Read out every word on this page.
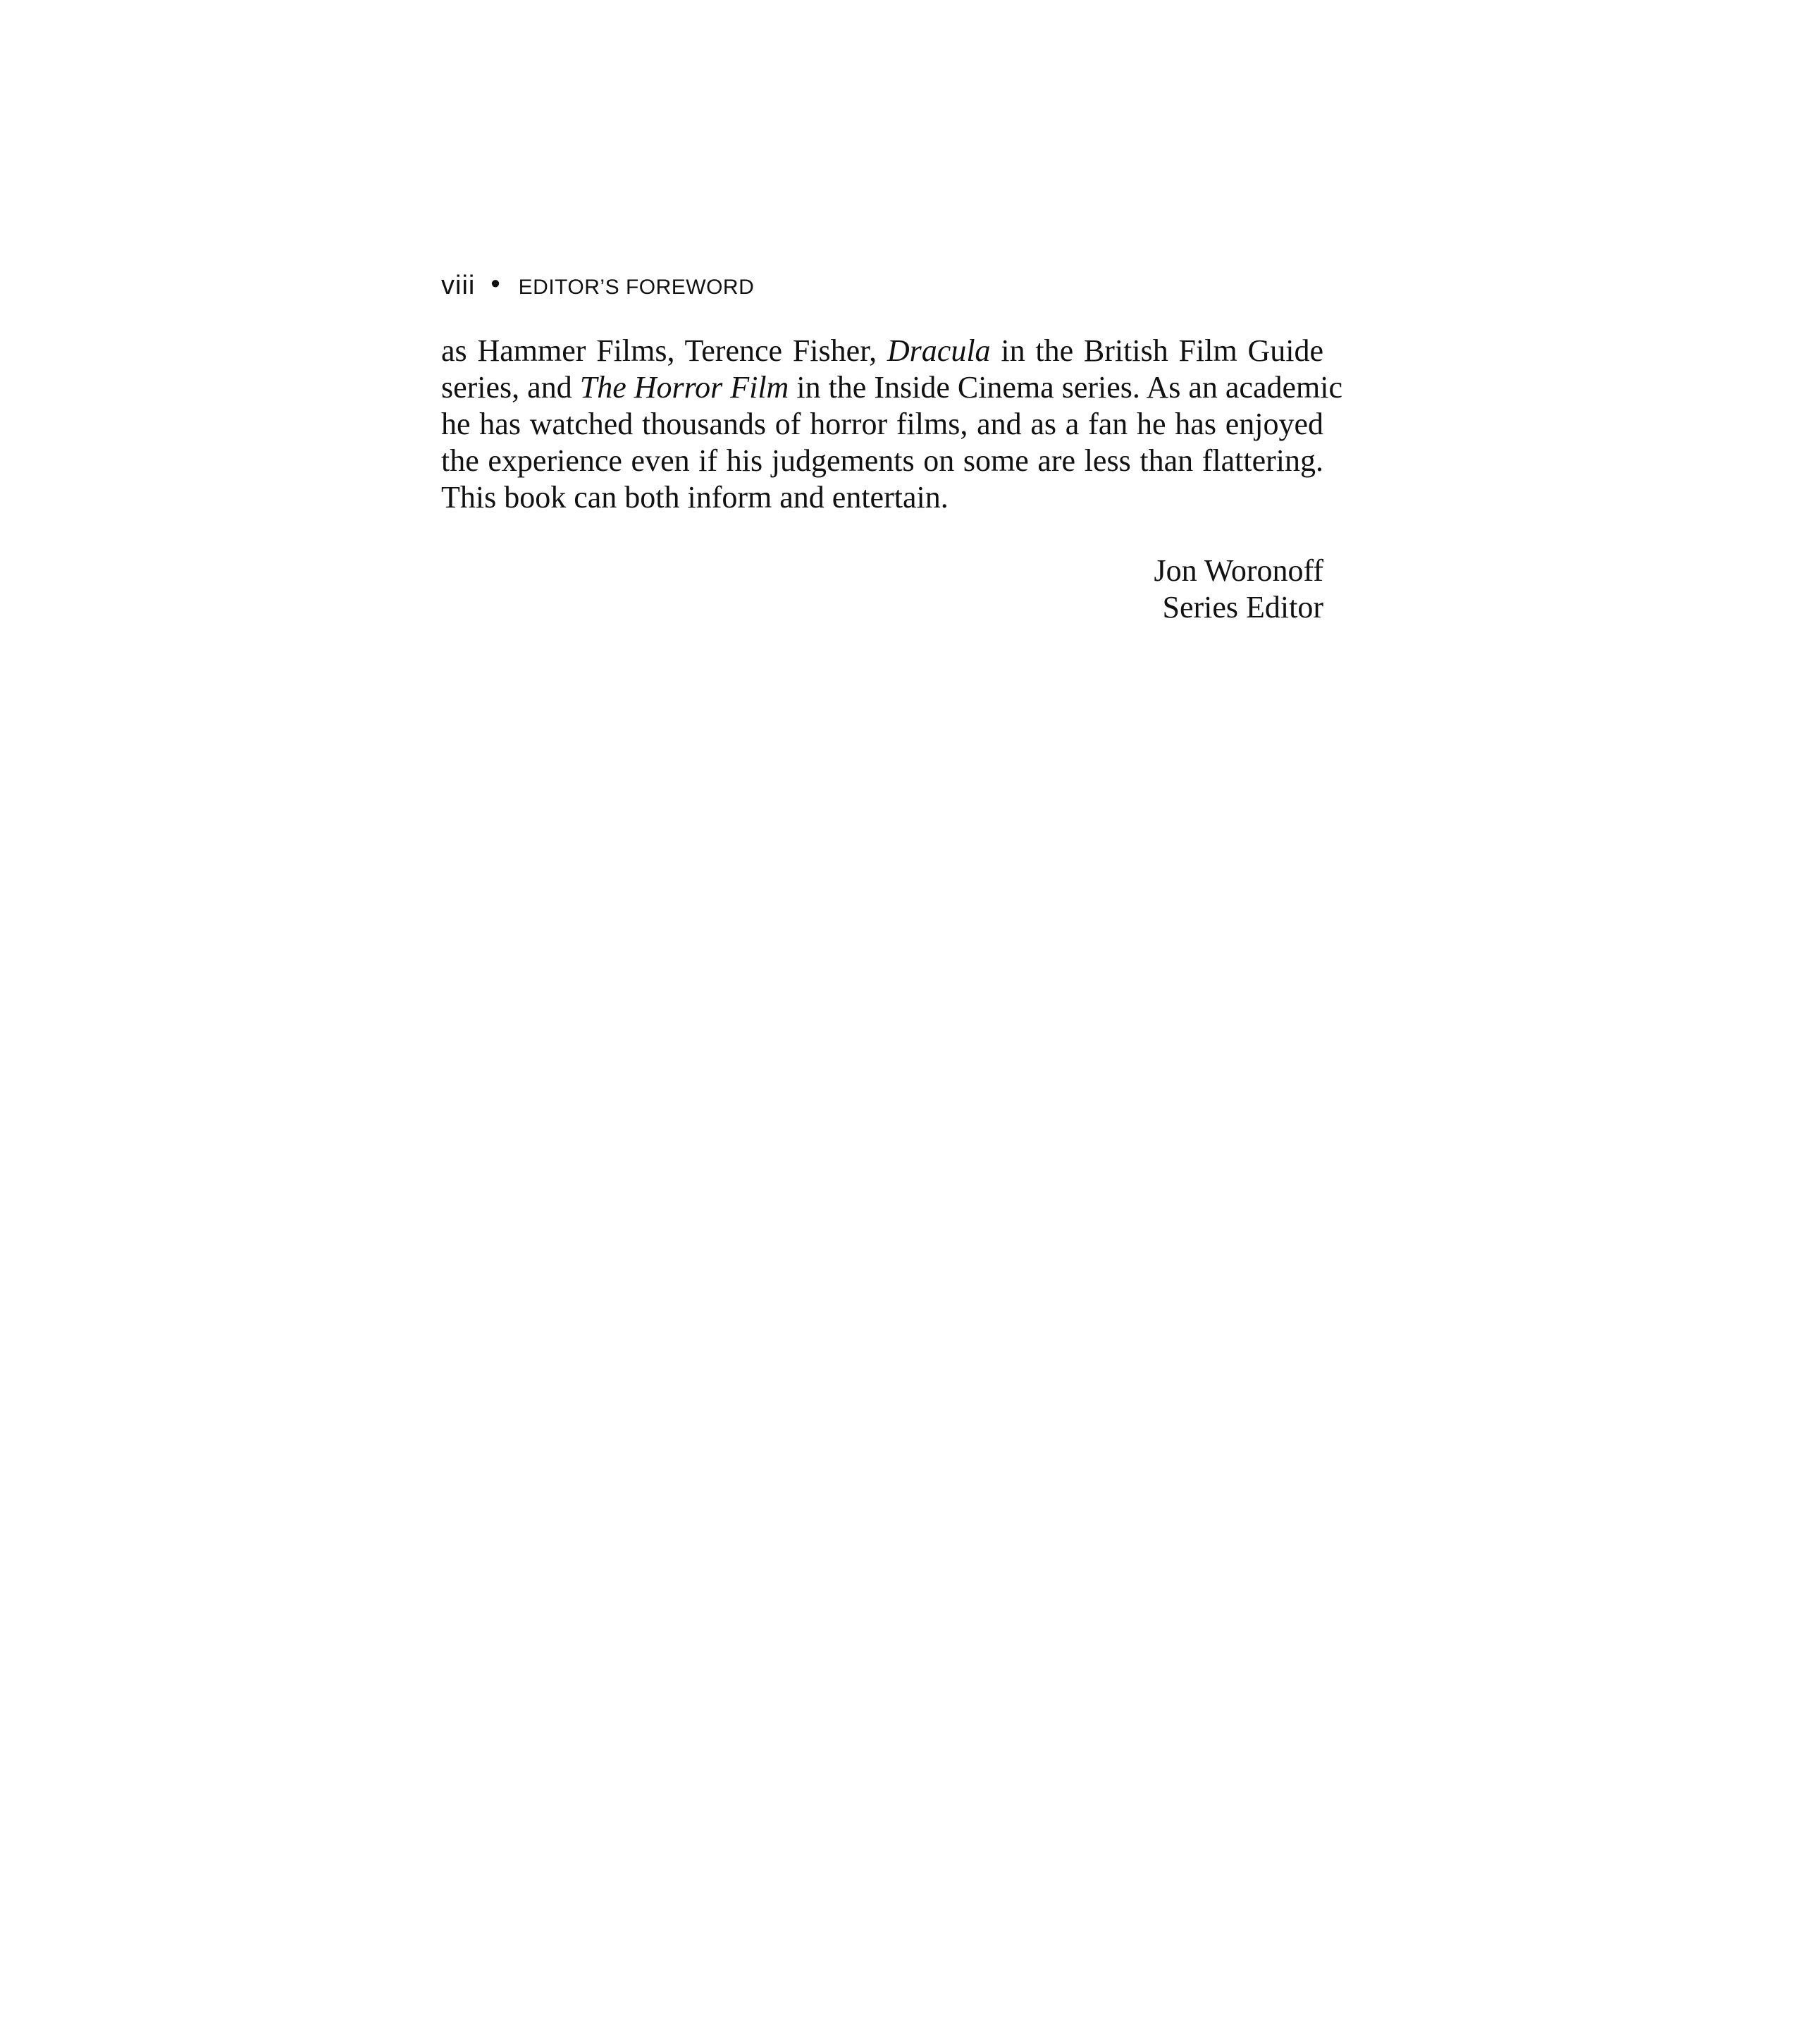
viii • EDITOR’S FOREWORD

as Hammer Films, Terence Fisher, Dracula in the British Film Guide
series, and The Horror Film in the Inside Cinema series. As an academic
he has watched thousands of horror films, and as a fan he has enjoyed
the experience even if his judgements on some are less than flattering.
This book can both inform and entertain.

Jon Woronoff
Series Editor
